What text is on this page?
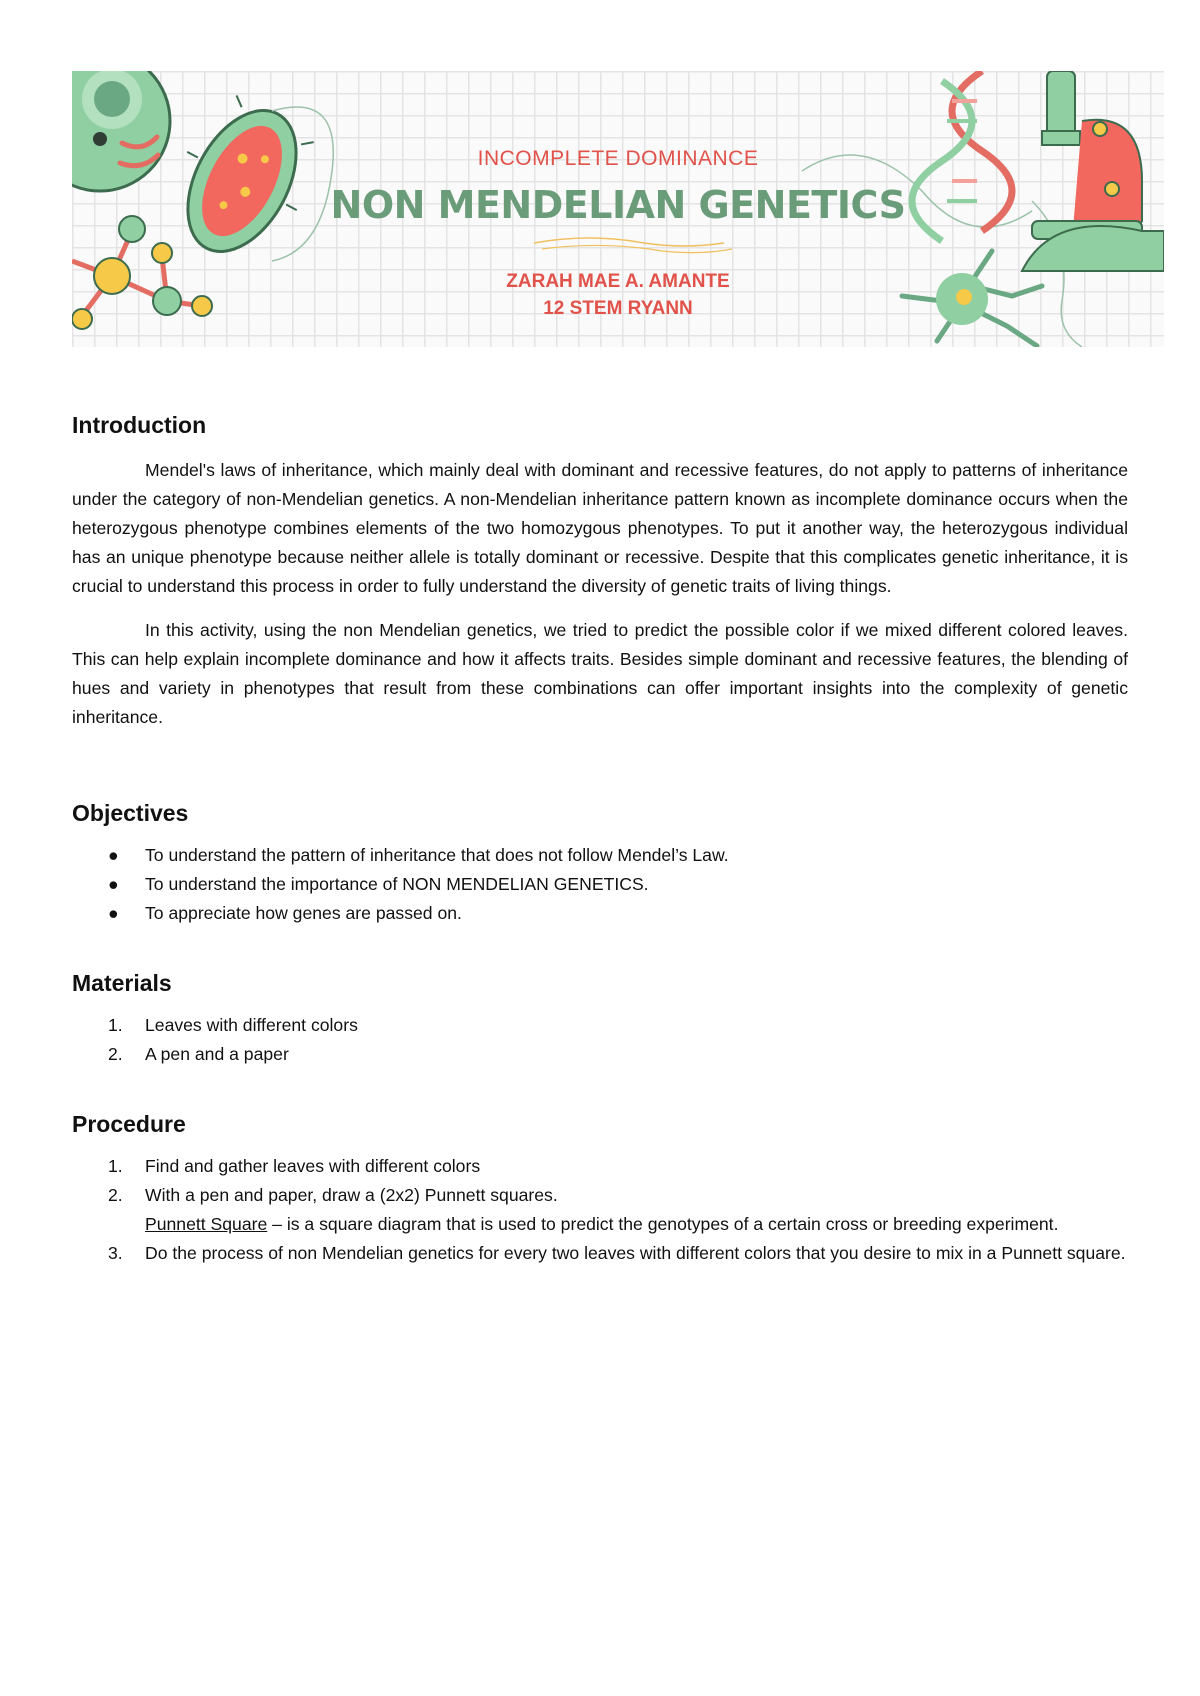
INCOMPLETE DOMINANCE
NON MENDELIAN GENETICS
ZARAH MAE A. AMANTE
12 STEM RYANN
Introduction

Mendel's laws of inheritance, which mainly deal with dominant and recessive features, do not apply to patterns of inheritance under the category of non-Mendelian genetics. A non-Mendelian inheritance pattern known as incomplete dominance occurs when the heterozygous phenotype combines elements of the two homozygous phenotypes. To put it another way, the heterozygous individual has an unique phenotype because neither allele is totally dominant or recessive. Despite that this complicates genetic inheritance, it is crucial to understand this process in order to fully understand the diversity of genetic traits of living things.

In this activity, using the non Mendelian genetics, we tried to predict the possible color if we mixed different colored leaves. This can help explain incomplete dominance and how it affects traits. Besides simple dominant and recessive features, the blending of hues and variety in phenotypes that result from these combinations can offer important insights into the complexity of genetic inheritance.

Objectives
● To understand the pattern of inheritance that does not follow Mendel’s Law.
● To understand the importance of NON MENDELIAN GENETICS.
● To appreciate how genes are passed on.
Materials
1. Leaves with different colors
2. A pen and a paper
Procedure
1. Find and gather leaves with different colors
2. With a pen and paper, draw a (2x2) Punnett squares.
Punnett Square – is a square diagram that is used to predict the genotypes of a certain cross or breeding experiment.
3. Do the process of non Mendelian genetics for every two leaves with different colors that you desire to mix in a Punnett square.
